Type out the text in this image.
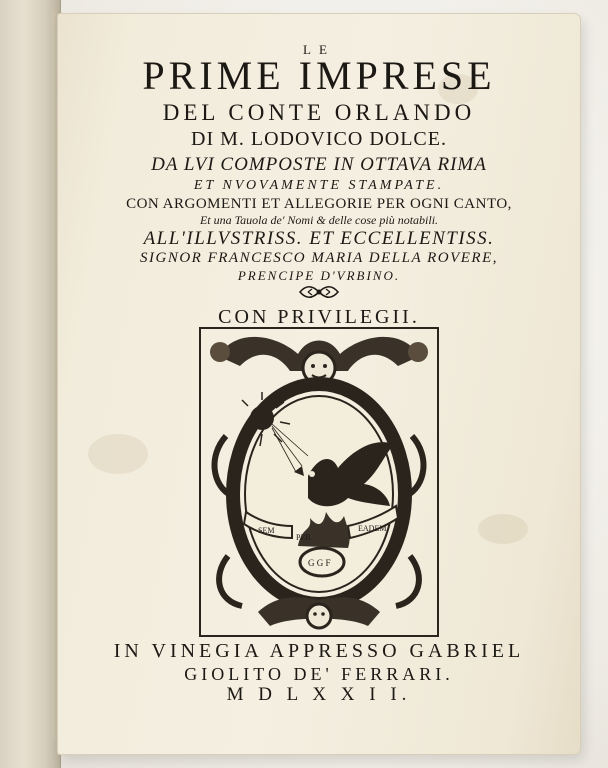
LE
PRIME IMPRESE
DEL CONTE ORLANDO
DI M. LODOVICO DOLCE.
DA LVI COMPOSTE IN OTTAVA RIMA
ET NVOVAMENTE STAMPATE.
CON ARGOMENTI ET ALLEGORIE PER OGNI CANTO,
Et una Tauola de' Nomi & delle cose più notabili.
ALL'ILLVSTRISS. ET ECCELLENTISS.
SIGNOR FRANCESCO MARIA DELLA ROVERE,
PRENCIPE D'VRBINO.
CON PRIVILEGII.
SEM
PER
EADEM
G G F
IN VINEGIA APPRESSO GABRIEL
GIOLITO DE' FERRARI.
M D L X X I I.
